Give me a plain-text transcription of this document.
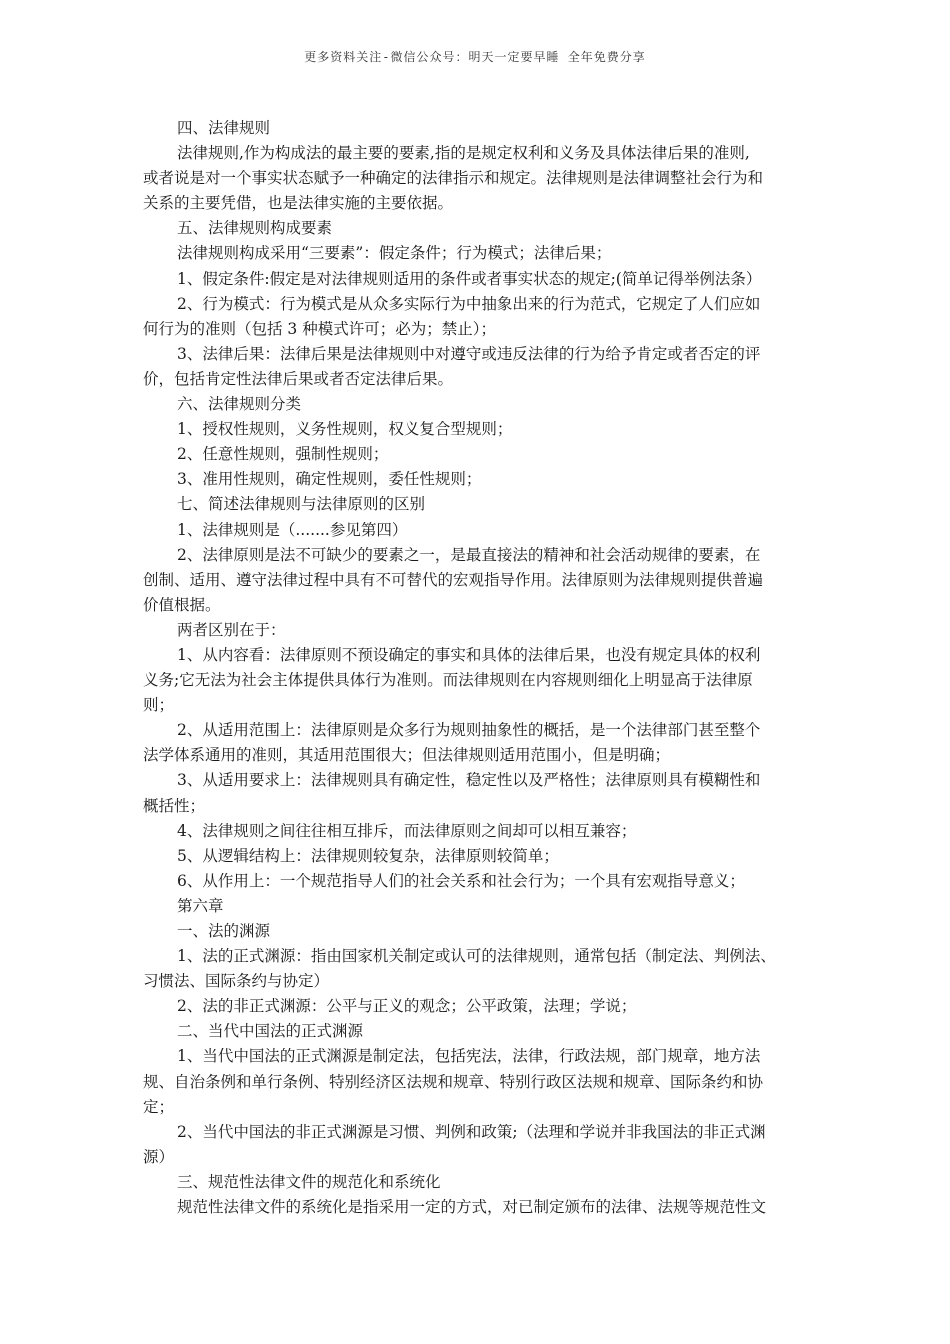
更多资料关注-微信公众号：明天一定要早睡 全年免费分享
四、法律规则
法律规则,作为构成法的最主要的要素,指的是规定权利和义务及具体法律后果的准则,
或者说是对一个事实状态赋予一种确定的法律指示和规定。法律规则是法律调整社会行为和
关系的主要凭借，也是法律实施的主要依据。
五、法律规则构成要素
法律规则构成采用“三要素”：假定条件；行为模式；法律后果；
1、假定条件:假定是对法律规则适用的条件或者事实状态的规定;(简单记得举例法条）
2、行为模式：行为模式是从众多实际行为中抽象出来的行为范式，它规定了人们应如
何行为的准则（包括 3 种模式许可；必为；禁止）；
3、法律后果：法律后果是法律规则中对遵守或违反法律的行为给予肯定或者否定的评
价，包括肯定性法律后果或者否定法律后果。
六、法律规则分类
1、授权性规则，义务性规则，权义复合型规则；
2、任意性规则，强制性规则；
3、准用性规则，确定性规则，委任性规则；
七、简述法律规则与法律原则的区别
1、法律规则是（.......参见第四）
2、法律原则是法不可缺少的要素之一，是最直接法的精神和社会活动规律的要素，在
创制、适用、遵守法律过程中具有不可替代的宏观指导作用。法律原则为法律规则提供普遍
价值根据。
两者区别在于：
1、从内容看：法律原则不预设确定的事实和具体的法律后果，也没有规定具体的权利
义务;它无法为社会主体提供具体行为准则。而法律规则在内容规则细化上明显高于法律原
则；
2、从适用范围上：法律原则是众多行为规则抽象性的概括，是一个法律部门甚至整个
法学体系通用的准则，其适用范围很大；但法律规则适用范围小，但是明确；
3、从适用要求上：法律规则具有确定性，稳定性以及严格性；法律原则具有模糊性和
概括性；
4、法律规则之间往往相互排斥，而法律原则之间却可以相互兼容；
5、从逻辑结构上：法律规则较复杂，法律原则较简单；
6、从作用上：一个规范指导人们的社会关系和社会行为；一个具有宏观指导意义；
第六章
一、法的渊源
1、法的正式渊源：指由国家机关制定或认可的法律规则，通常包括（制定法、判例法、
习惯法、国际条约与协定）
2、法的非正式渊源：公平与正义的观念；公平政策，法理；学说；
二、当代中国法的正式渊源
1、当代中国法的正式渊源是制定法，包括宪法，法律，行政法规，部门规章，地方法
规、自治条例和单行条例、特别经济区法规和规章、特别行政区法规和规章、国际条约和协
定；
2、当代中国法的非正式渊源是习惯、判例和政策;（法理和学说并非我国法的非正式渊
源）
三、规范性法律文件的规范化和系统化
规范性法律文件的系统化是指采用一定的方式，对已制定颁布的法律、法规等规范性文
